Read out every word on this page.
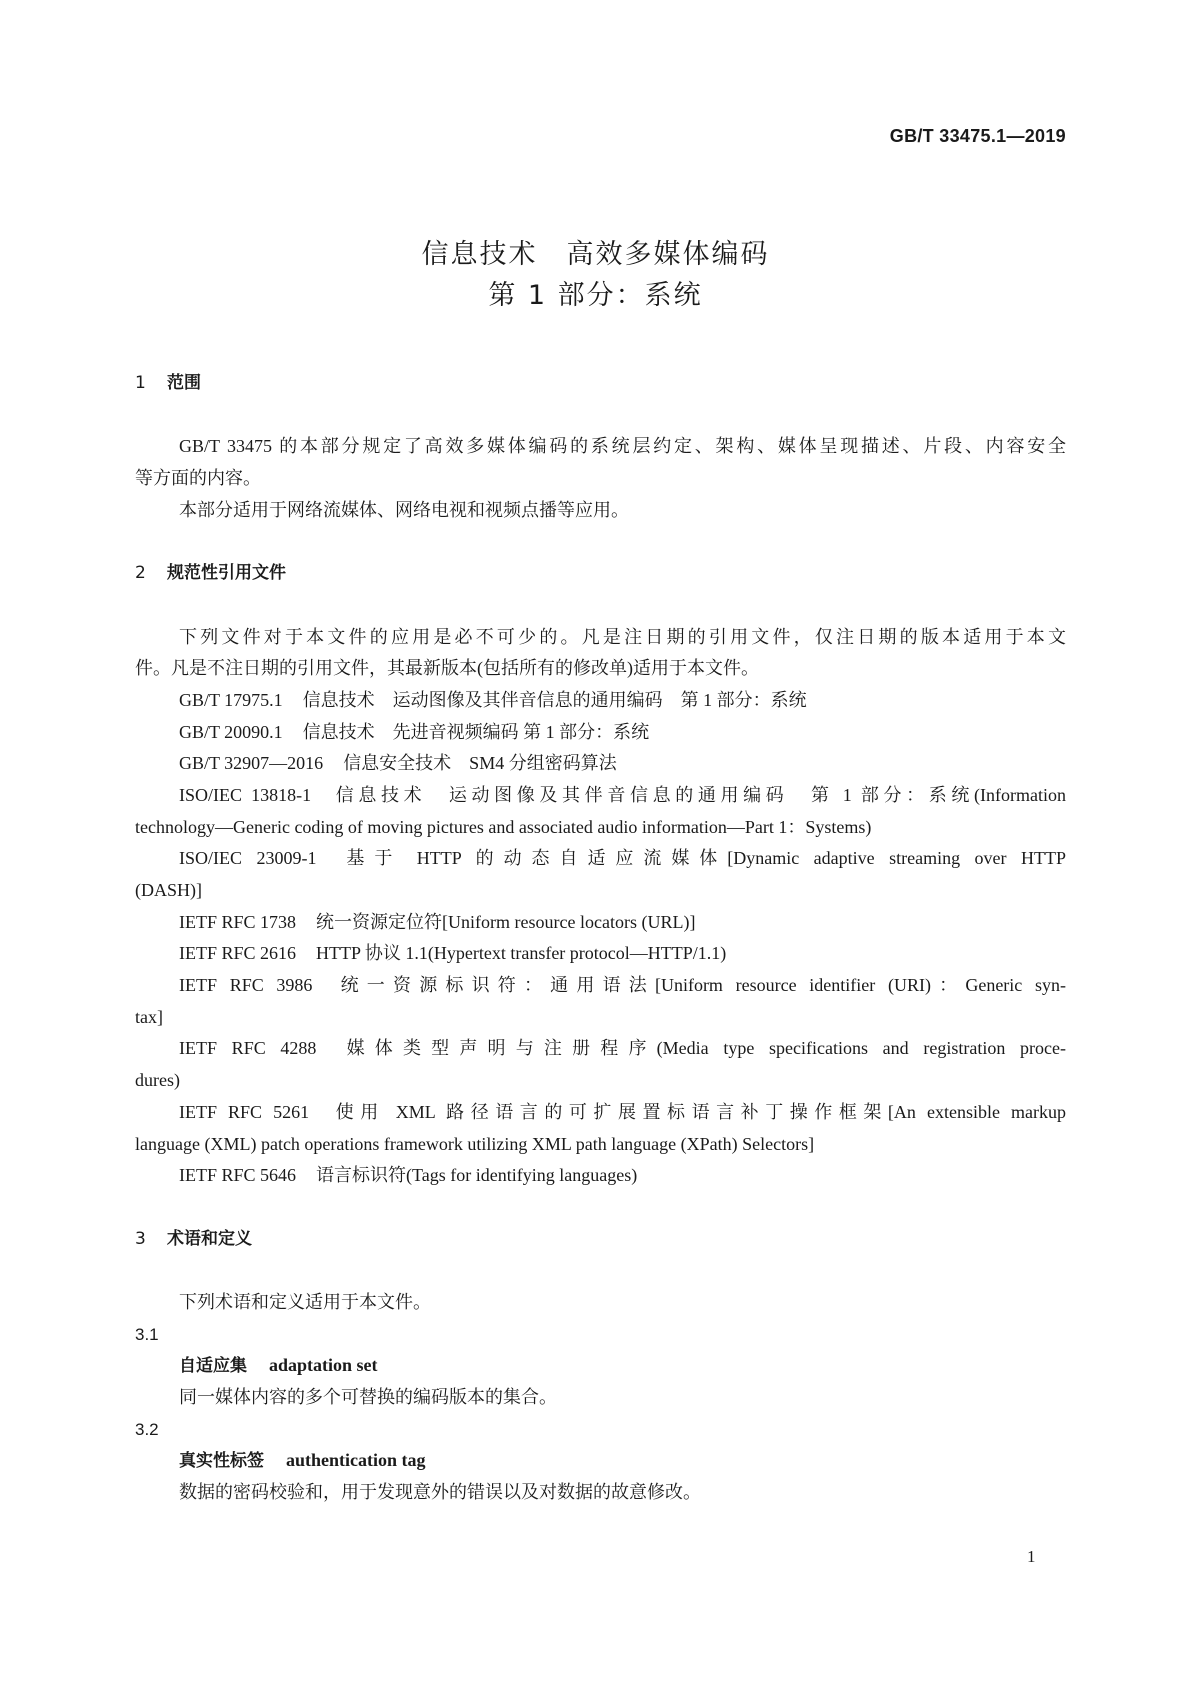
GB/T 33475.1—2019
信息技术　高效多媒体编码
第 1 部分：系统
1 范围
GB/T 33475 的本部分规定了高效多媒体编码的系统层约定、架构、媒体呈现描述、片段、内容安全
等方面的内容。
本部分适用于网络流媒体、网络电视和视频点播等应用。
2 规范性引用文件
下列文件对于本文件的应用是必不可少的。凡是注日期的引用文件，仅注日期的版本适用于本文
件。凡是不注日期的引用文件，其最新版本(包括所有的修改单)适用于本文件。
GB/T 17975.1 信息技术　运动图像及其伴音信息的通用编码　第 1 部分：系统
GB/T 20090.1 信息技术　先进音视频编码 第 1 部分：系统
GB/T 32907—2016 信息安全技术　SM4 分组密码算法
ISO/IEC 13818-1 信息技术　运动图像及其伴音信息的通用编码　第 1 部分：系统(Information
technology—Generic coding of moving pictures and associated audio information—Part 1：Systems)
ISO/IEC 23009-1 基于 HTTP 的动态自适应流媒体[Dynamic adaptive streaming over HTTP
(DASH)]
IETF RFC 1738 统一资源定位符[Uniform resource locators (URL)]
IETF RFC 2616 HTTP 协议 1.1(Hypertext transfer protocol—HTTP/1.1)
IETF RFC 3986 统一资源标识符：通用语法[Uniform resource identifier (URI)：Generic syn-
tax]
IETF RFC 4288 媒体类型声明与注册程序(Media type specifications and registration proce-
dures)
IETF RFC 5261 使用 XML 路径语言的可扩展置标语言补丁操作框架[An extensible markup
language (XML) patch operations framework utilizing XML path language (XPath) Selectors]
IETF RFC 5646 语言标识符(Tags for identifying languages)
3 术语和定义
下列术语和定义适用于本文件。
3.1
自适应集 adaptation set
同一媒体内容的多个可替换的编码版本的集合。
3.2
真实性标签 authentication tag
数据的密码校验和，用于发现意外的错误以及对数据的故意修改。
1
